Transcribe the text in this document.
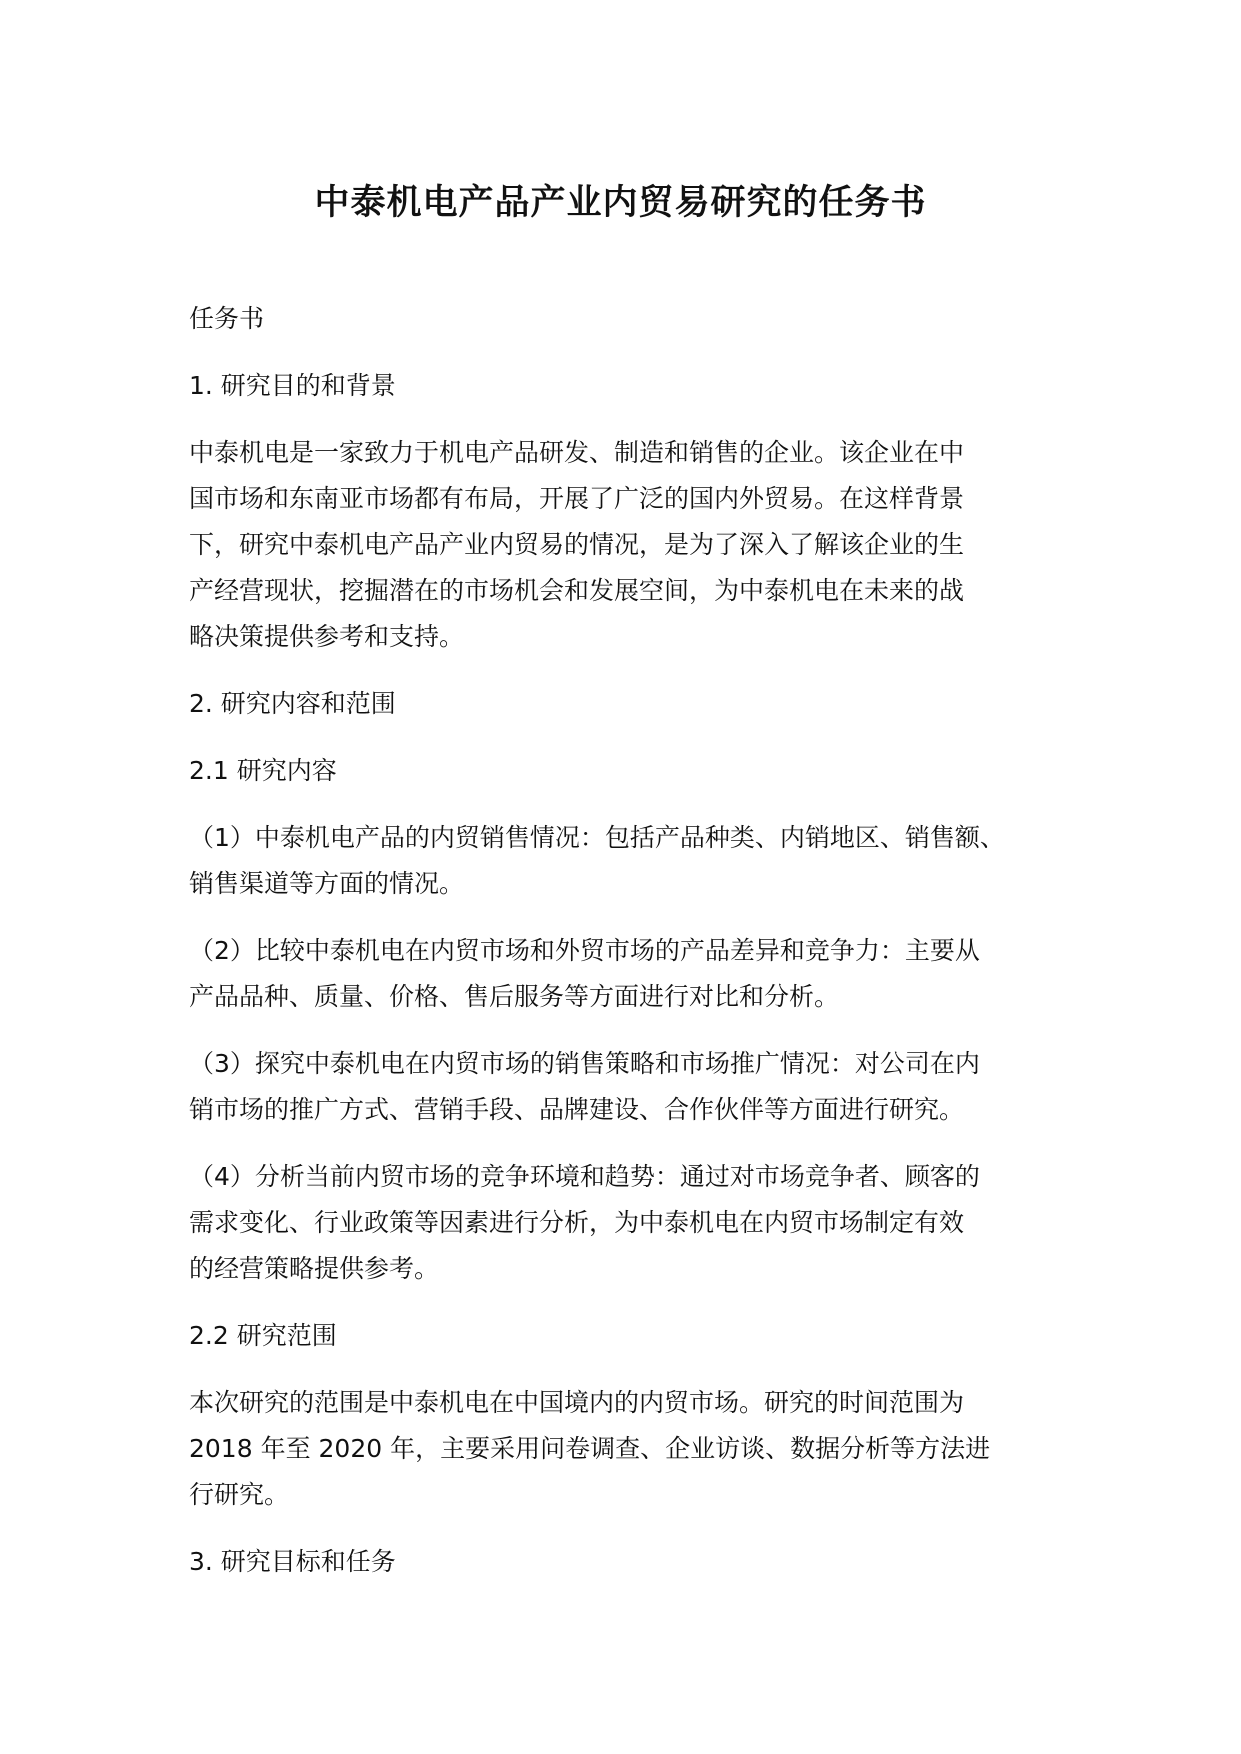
中泰机电产品产业内贸易研究的任务书

任务书

1. 研究目的和背景

中泰机电是一家致力于机电产品研发、制造和销售的企业。该企业在中
国市场和东南亚市场都有布局，开展了广泛的国内外贸易。在这样背景
下，研究中泰机电产品产业内贸易的情况，是为了深入了解该企业的生
产经营现状，挖掘潜在的市场机会和发展空间，为中泰机电在未来的战
略决策提供参考和支持。

2. 研究内容和范围

2.1 研究内容

（1）中泰机电产品的内贸销售情况：包括产品种类、内销地区、销售额、
销售渠道等方面的情况。

（2）比较中泰机电在内贸市场和外贸市场的产品差异和竞争力：主要从
产品品种、质量、价格、售后服务等方面进行对比和分析。

（3）探究中泰机电在内贸市场的销售策略和市场推广情况：对公司在内
销市场的推广方式、营销手段、品牌建设、合作伙伴等方面进行研究。

（4）分析当前内贸市场的竞争环境和趋势：通过对市场竞争者、顾客的
需求变化、行业政策等因素进行分析，为中泰机电在内贸市场制定有效
的经营策略提供参考。

2.2 研究范围

本次研究的范围是中泰机电在中国境内的内贸市场。研究的时间范围为
2018 年至 2020 年，主要采用问卷调查、企业访谈、数据分析等方法进
行研究。

3. 研究目标和任务
